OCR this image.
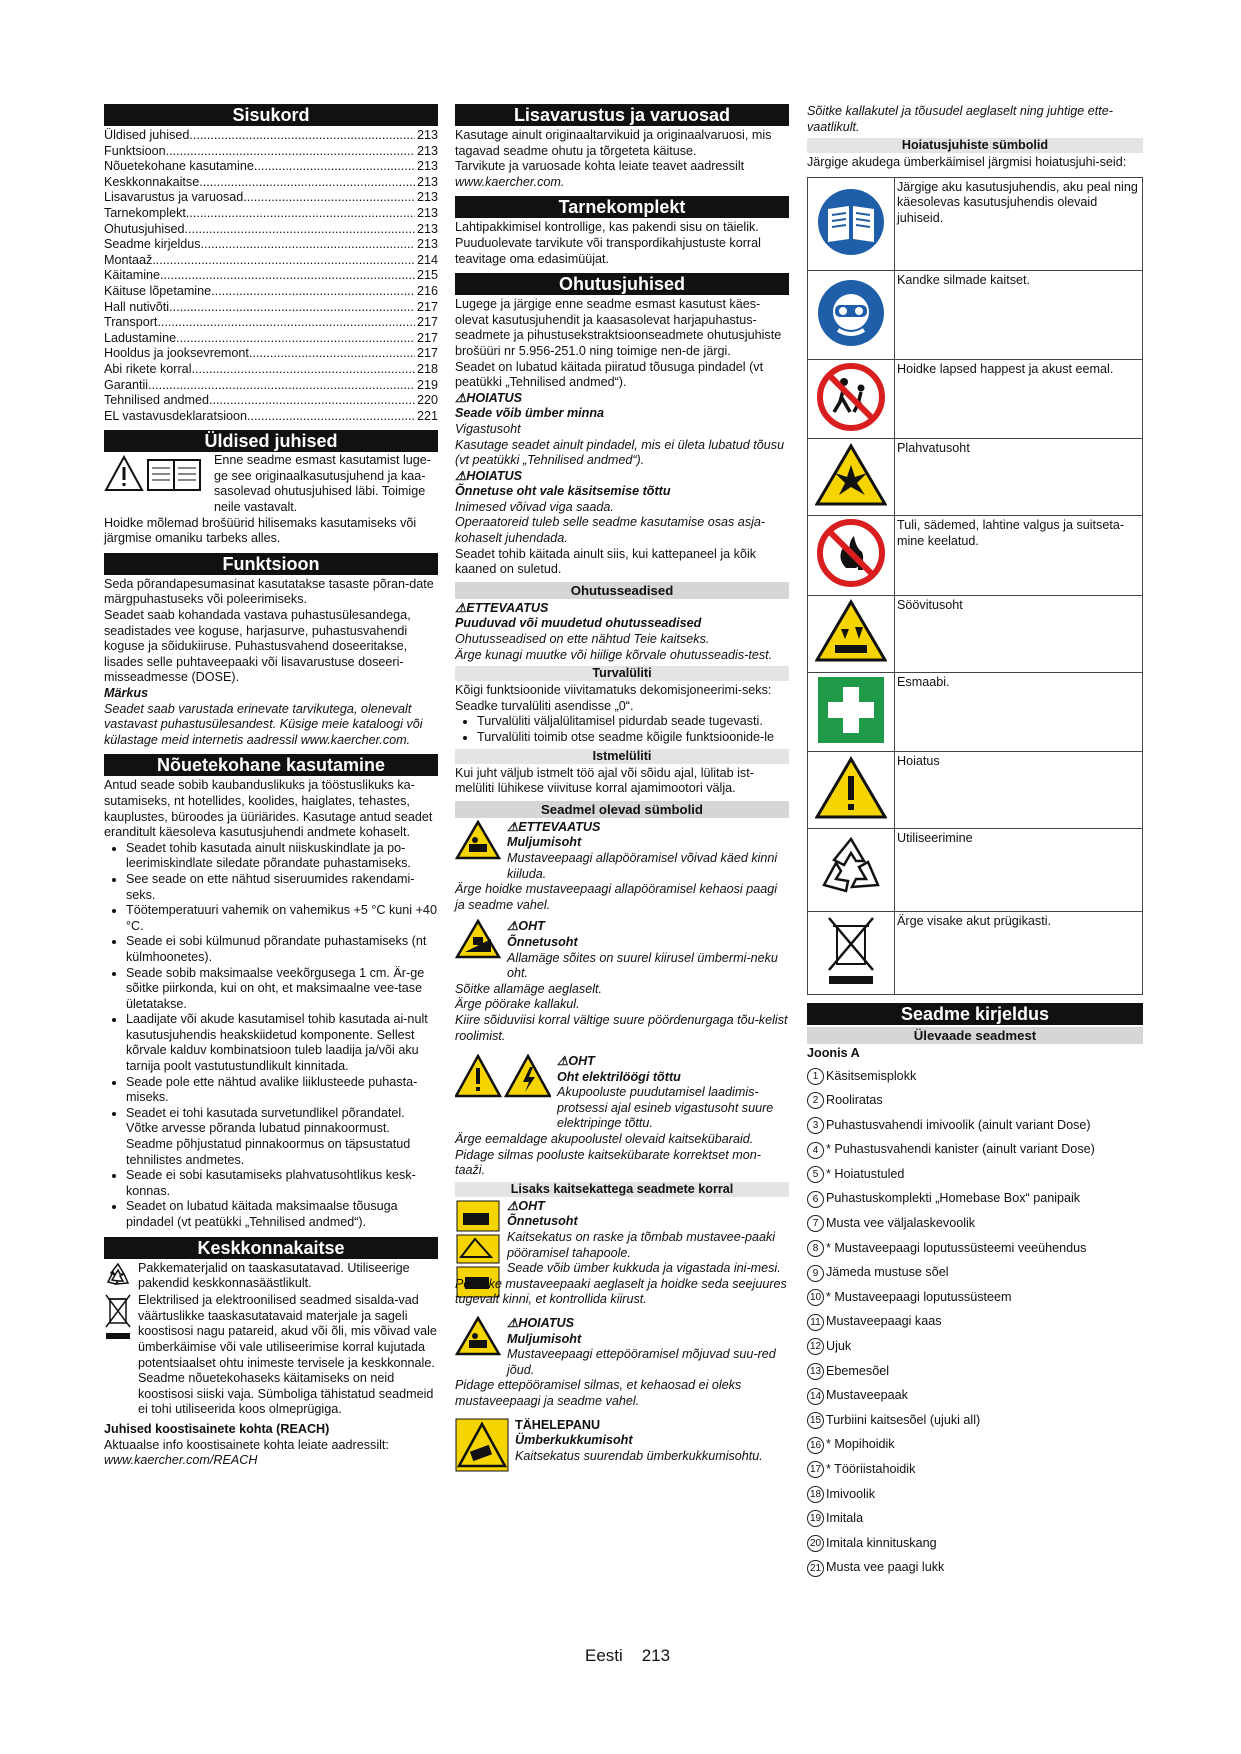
Sisukord
Üldised juhised .....	213
Funktsioon .....	213
Nõuetekohane kasutamine .....	213
Keskkonnakaitse .....	213
Lisavarustus ja varuosad .....	213
Tarnekomplekt .....	213
Ohutusjuhised .....	213
Seadme kirjeldus .....	213
Montaaž .....	214
Käitamine .....	215
Käituse lõpetamine .....	216
Hall nutivõti .....	217
Transport .....	217
Ladustamine .....	217
Hooldus ja jooksevremont .....	217
Abi rikete korral .....	218
Garantii .....	219
Tehnilised andmed .....	220
EL vastavusdeklaratsioon .....	221
Üldised juhised

Enne seadme esmast kasutamist luge-ge see originaalkasutusjuhend ja kaa-sasolevad ohutusjuhised läbi. Toimige neile vastavalt.

Hoidke mõlemad brošüürid hilisemaks kasutamiseks või järgmise omaniku tarbeks alles.

Funktsioon

Seda põrandapesumasinat kasutatakse tasaste põran-date märgpuhastuseks või poleerimiseks.

Seadet saab kohandada vastava puhastusülesandega, seadistades vee koguse, harjasurve, puhastusvahendi koguse ja sõidukiiruse. Puhastusvahend doseeritakse, lisades selle puhtaveepaaki või lisavarustuse doseeri-misseadmesse (DOSE).

Märkus

Seadet saab varustada erinevate tarvikutega, olenevalt vastavast puhastusülesandest. Küsige meie kataloogi või külastage meid internetis aadressil www.kaercher.com.

Nõuetekohane kasutamine

Antud seade sobib kaubanduslikuks ja tööstuslikuks ka-sutamiseks, nt hotellides, koolides, haiglates, tehastes, kauplustes, büroodes ja üüriärides. Kasutage antud seadet eranditult käesoleva kasutusjuhendi andmete kohaselt.

• Seadet tohib kasutada ainult niiskuskindlate ja po-leerimiskindlate siledate põrandate puhastamiseks.
• See seade on ette nähtud siseruumides rakendami-seks.
• Töötemperatuuri vahemik on vahemikus +5 °C kuni +40 °C.
• Seade ei sobi külmunud põrandate puhastamiseks (nt külmhoonetes).
• Seade sobib maksimaalse veekõrgusega 1 cm. Är-ge sõitke piirkonda, kui on oht, et maksimaalne vee-tase ületatakse.
• Laadijate või akude kasutamisel tohib kasutada ai-nult kasutusjuhendis heakskiidetud komponente. Sellest kõrvale kalduv kombinatsioon tuleb laadija ja/või aku tarnija poolt vastutustundlikult kinnitada.
• Seade pole ette nähtud avalike liiklusteede puhasta-miseks.
• Seadet ei tohi kasutada survetundlikel põrandatel. Võtke arvesse põranda lubatud pinnakoormust. Seadme põhjustatud pinnakoormus on täpsustatud tehnilistes andmetes.
• Seade ei sobi kasutamiseks plahvatusohtlikus kesk-konnas.
• Seadet on lubatud käitada maksimaalse tõusuga pindadel (vt peatükki „Tehnilised andmed“).
Keskkonnakaitse

Pakkematerjalid on taaskasutatavad. Utiliseerige pakendid keskkonnasäästlikult.

Elektrilised ja elektroonilised seadmed sisalda-vad väärtuslikke taaskasutatavaid materjale ja sageli koostisosi nagu patareid, akud või õli, mis võivad vale ümberkäimise või vale utiliseerimise korral kujutada potentsiaalset ohtu inimeste tervisele ja keskkonnale. Seadme nõuetekohaseks käitamiseks on neid koostisosi siiski vaja. Sümboliga tähistatud seadmeid ei tohi utiliseerida koos olmeprügiga.

Juhised koostisainete kohta (REACH)

Aktuaalse info koostisainete kohta leiate aadressilt:

www.kaercher.com/REACH

Lisavarustus ja varuosad

Kasutage ainult originaaltarvikuid ja originaalvaruosi, mis tagavad seadme ohutu ja tõrgeteta käituse.

Tarvikute ja varuosade kohta leiate teavet aadressilt

www.kaercher.com.

Tarnekomplekt

Lahtipakkimisel kontrollige, kas pakendi sisu on täielik. Puuduolevate tarvikute või transpordikahjustuste korral teavitage oma edasimüüjat.

Ohutusjuhised

Lugege ja järgige enne seadme esmast kasutust käes-olevat kasutusjuhendit ja kaasasolevat harjapuhastus-seadmete ja pihustusekstraktsioonseadmete ohutusjuhiste brošüüri nr 5.956-251.0 ning toimige nen-de järgi.

Seadet on lubatud käitada piiratud tõusuga pindadel (vt peatükki „Tehnilised andmed“).

⚠HOIATUS

Seade võib ümber minna

Vigastusoht

Kasutage seadet ainult pindadel, mis ei ületa lubatud tõusu (vt peatükki „Tehnilised andmed“).

⚠HOIATUS

Õnnetuse oht vale käsitsemise tõttu

Inimesed võivad viga saada.

Operaatoreid tuleb selle seadme kasutamise osas asja-kohaselt juhendada.

Seadet tohib käitada ainult siis, kui kattepaneel ja kõik kaaned on suletud.

Ohutusseadised

⚠ETTEVAATUS

Puuduvad või muudetud ohutusseadised

Ohutusseadised on ette nähtud Teie kaitseks.

Ärge kunagi muutke või hiilige kõrvale ohutusseadis-test.

Turvalüliti

Kõigi funktsioonide viivitamatuks dekomisjoneerimi-seks: Seadke turvalüliti asendisse „0“.

• Turvalüliti väljalülitamisel pidurdab seade tugevasti.
• Turvalüliti toimib otse seadme kõigile funktsioonide-le
Istmelüliti

Kui juht väljub istmelt töö ajal või sõidu ajal, lülitab ist-melüliti lühikese viivituse korral ajamimootori välja.

Seadmel olevad sümbolid

⚠ETTEVAATUS

Muljumisoht

Mustaveepaagi allapööramisel võivad käed kinni kiiluda.

Ärge hoidke mustaveepaagi allapööramisel kehaosi paagi ja seadme vahel.

⚠OHT

Õnnetusoht

Allamäge sõites on suurel kiirusel ümbermi-neku oht.

Sõitke allamäge aeglaselt.

Ärge pöörake kallakul.

Kiire sõiduviisi korral vältige suure pöördenurgaga tõu-kelist roolimist.

⚠OHT

Oht elektrilöögi tõttu

Akupooluste puudutamisel laadimis-protsessi ajal esineb vigastusoht suure elektripinge tõttu.

Ärge eemaldage akupoolustel olevaid kaitsekübaraid.

Pidage silmas pooluste kaitsekübarate korrektset mon-taaži.

Lisaks kaitsekattega seadmete korral

⚠OHT

Õnnetusoht

Kaitsekatus on raske ja tõmbab mustavee-paaki pööramisel tahapoole.

Seade võib ümber kukkuda ja vigastada ini-mesi.

Pöörake mustaveepaaki aeglaselt ja hoidke seda seejuures tugevalt kinni, et kontrollida kiirust.

⚠HOIATUS

Muljumisoht

Mustaveepaagi ettepööramisel mõjuvad suu-red jõud.

Pidage ettepööramisel silmas, et kehaosad ei oleks mustaveepaagi ja seadme vahel.

TÄHELEPANU

Ümberkukkumisoht

Kaitsekatus suurendab ümberkukkumisohtu.

Sõitke kallakutel ja tõusudel aeglaselt ning juhtige ette-vaatlikult.

Hoiatusjuhiste sümbolid

Järgige akudega ümberkäimisel järgmisi hoiatusjuhi-seid:

	Järgige aku kasutusjuhendis, aku peal ning käesolevas kasutusjuhendis olevaid juhiseid.
	Kandke silmade kaitset.
	Hoidke lapsed happest ja akust eemal.
	Plahvatusoht
	Tuli, sädemed, lahtine valgus ja suitseta-mine keelatud.
	Söövitusoht
	Esmaabi.
	Hoiatus
	Utiliseerimine
	Ärge visake akut prügikasti.
Seadme kirjeldus
Ülevaade seadmest

Joonis A

1 Käsitsemisplokk
2 Rooliratas
3 Puhastusvahendi imivoolik (ainult variant Dose)
4 * Puhastusvahendi kanister (ainult variant Dose)
5 * Hoiatustuled
6 Puhastuskomplekti „Homebase Box“ panipaik
7 Musta vee väljalaskevoolik
8 * Mustaveepaagi loputussüsteemi veeühendus
9 Jämeda mustuse sõel
10 * Mustaveepaagi loputussüsteem
11 Mustaveepaagi kaas
12 Ujuk
13 Ebemesõel
14 Mustaveepaak
15 Turbiini kaitsesõel (ujuki all)
16 * Mopihoidik
17 * Tööriistahoidik
18 Imivoolik
19 Imitala
20 Imitala kinnituskang
21 Musta vee paagi lukk
Eesti 213
